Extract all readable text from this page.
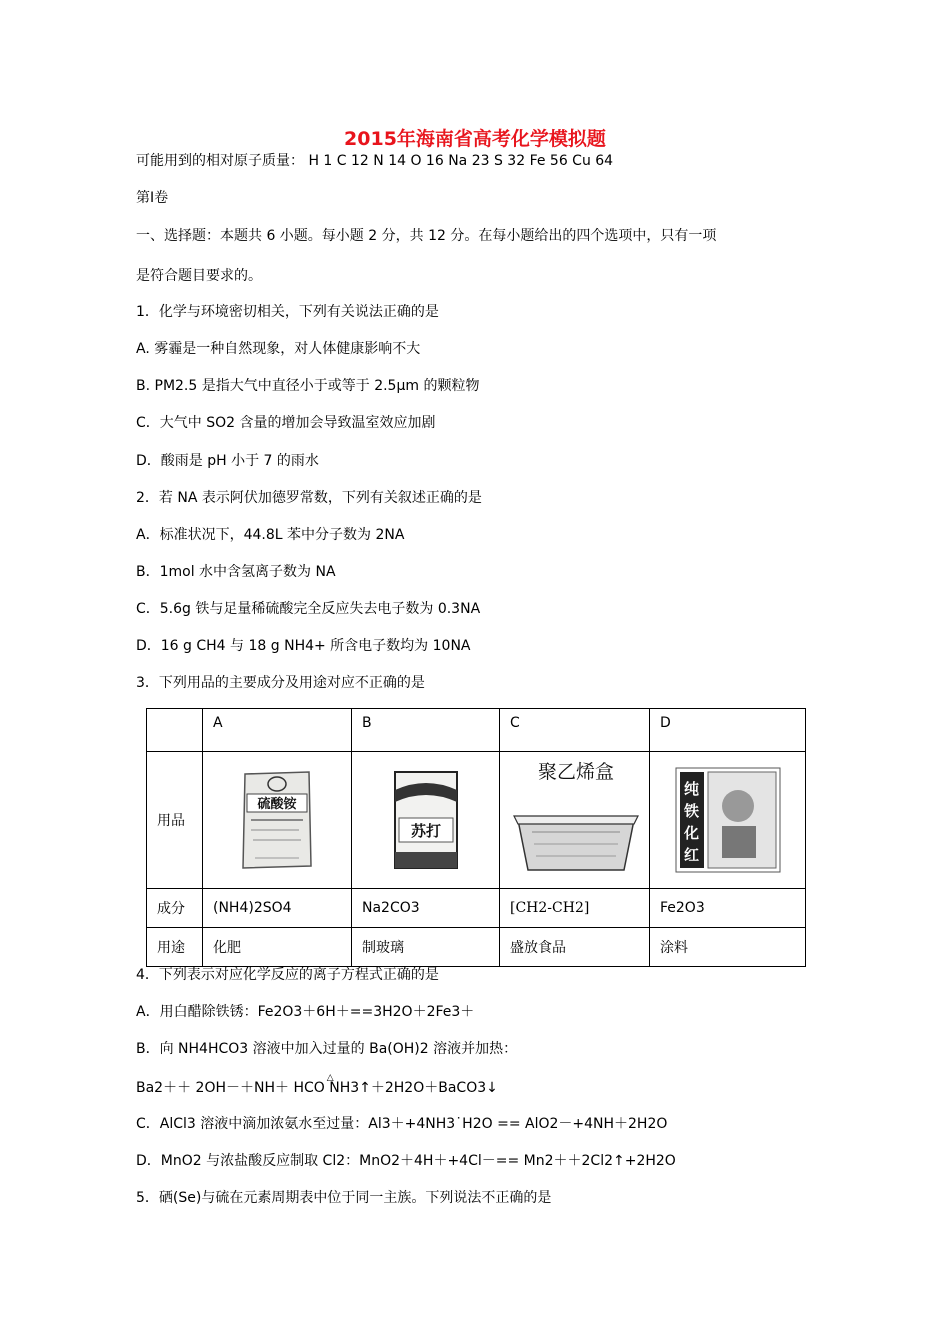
2015年海南省高考化学模拟题
可能用到的相对原子质量： H 1 C 12 N 14 O 16 Na 23 S 32 Fe 56 Cu 64
第I卷
一、选择题：本题共 6 小题。每小题 2 分，共 12 分。在每小题给出的四个选项中，只有一项
是符合题目要求的。
1．化学与环境密切相关，下列有关说法正确的是
A. 雾霾是一种自然现象，对人体健康影响不大
B. PM2.5 是指大气中直径小于或等于 2.5μm 的颗粒物
C．大气中 SO2 含量的增加会导致温室效应加剧
D．酸雨是 pH 小于 7 的雨水
2．若 NA 表示阿伏加德罗常数，下列有关叙述正确的是
A．标准状况下，44.8L 苯中分子数为 2NA
B．1mol 水中含氢离子数为 NA
C．5.6g 铁与足量稀硫酸完全反应失去电子数为 0.3NA
D．16 g CH4 与 18 g NH4+ 所含电子数均为 10NA
3．下列用品的主要成分及用途对应不正确的是
	A	B	C	D
用品	硫酸铵	苏打	聚乙烯盒	纯 铁 化 红

成分	(NH4)2SO4	Na2CO3	[CH2-CH2]	Fe2O3
用途	化肥	制玻璃	盛放食品	涂料
4．下列表示对应化学反应的离子方程式正确的是
A．用白醋除铁锈：Fe2O3＋6H＋==3H2O＋2Fe3＋
B．向 NH4HCO3 溶液中加入过量的 Ba(OH)2 溶液并加热：
Ba2＋＋ 2OH－＋NH＋ HCO △ NH3↑＋2H2O＋BaCO3↓
C．AlCl3 溶液中滴加浓氨水至过量：Al3＋+4NH3˙H2O == AlO2－+4NH＋2H2O
D．MnO2 与浓盐酸反应制取 Cl2：MnO2＋4H＋+4Cl－== Mn2＋＋2Cl2↑+2H2O
5．硒(Se)与硫在元素周期表中位于同一主族。下列说法不正确的是
